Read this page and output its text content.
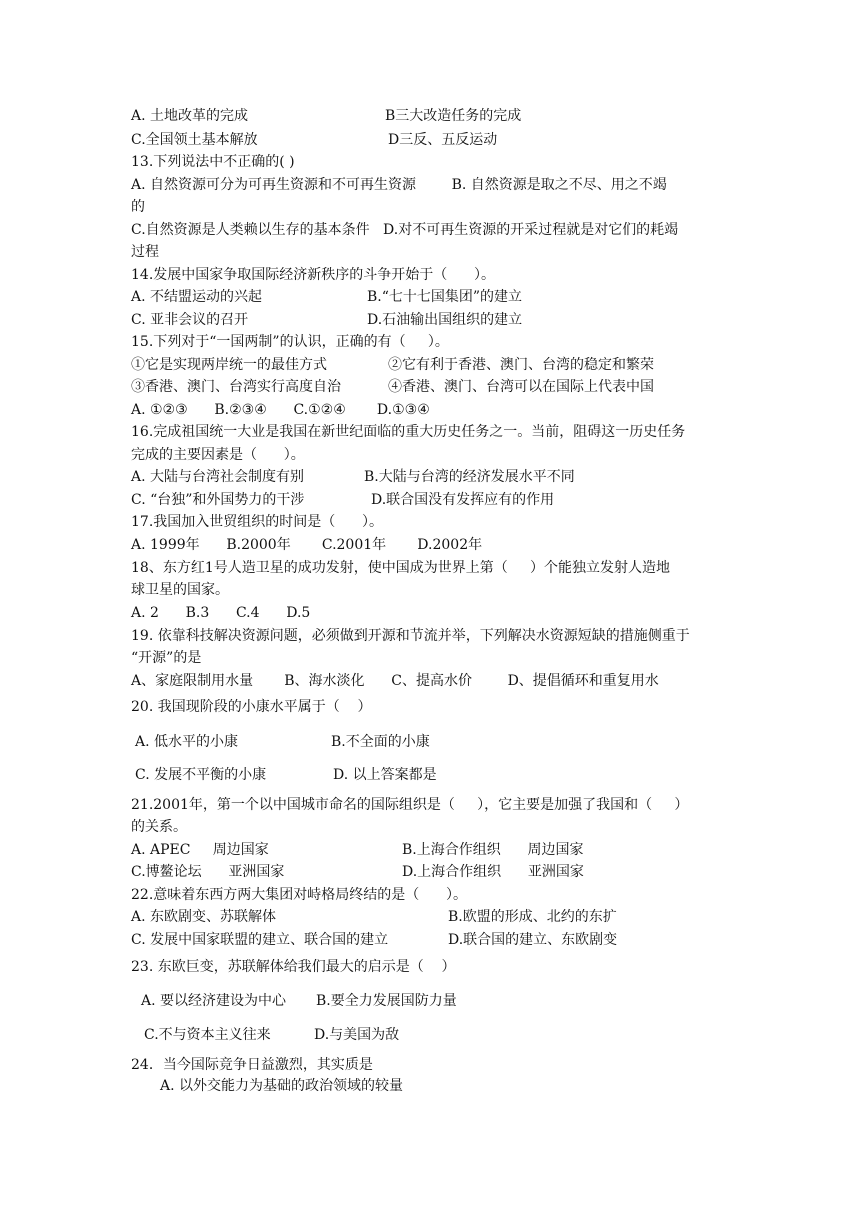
A. 土地改革的完成	B三大改造任务的完成
C.全国领土基本解放	D三反、五反运动
13.下列说法中不正确的( )
A. 自然资源可分为可再生资源和不可再生资源        B. 自然资源是取之不尽、用之不竭
的
C.自然资源是人类赖以生存的基本条件   D.对不可再生资源的开采过程就是对它们的耗竭
过程
14.发展中国家争取国际经济新秩序的斗争开始于（      ）。
A. 不结盟运动的兴起	B.“七十七国集团”的建立
C. 亚非会议的召开	D.石油输出国组织的建立
15.下列对于“一国两制”的认识，正确的有（     ）。
①它是实现两岸统一的最佳方式	②它有利于香港、澳门、台湾的稳定和繁荣
③香港、澳门、台湾实行高度自治	④香港、澳门、台湾可以在国际上代表中国
A. ①②③      B.②③④      C.①②④       D.①③④
16.完成祖国统一大业是我国在新世纪面临的重大历史任务之一。当前，阻碍这一历史任务
完成的主要因素是（      ）。
A. 大陆与台湾社会制度有别	B.大陆与台湾的经济发展水平不同
C. “台独”和外国势力的干涉	D.联合国没有发挥应有的作用
17.我国加入世贸组织的时间是（      ）。
A. 1999年      B.2000年       C.2001年       D.2002年
18、东方红1号人造卫星的成功发射，使中国成为世界上第（     ）个能独立发射人造地
球卫星的国家。
A. 2      B.3      C.4      D.5
19. 依靠科技解决资源问题，必须做到开源和节流并举，下列解决水资源短缺的措施侧重于
“开源”的是
A、家庭限制用水量       B、海水淡化      C、提高水价        D、提倡循环和重复用水
20. 我国现阶段的小康水平属于（    ）
A. 低水平的小康	B.不全面的小康
C. 发展不平衡的小康	D. 以上答案都是
21.2001年，第一个以中国城市命名的国际组织是（     ），它主要是加强了我国和（     ）
的关系。
A. APEC     周边国家	B.上海合作组织      周边国家
C.博鳌论坛      亚洲国家	D.上海合作组织      亚洲国家
22.意味着东西方两大集团对峙格局终结的是（      ）。
A. 东欧剧变、苏联解体	B.欧盟的形成、北约的东扩
C. 发展中国家联盟的建立、联合国的建立	D.联合国的建立、东欧剧变
23. 东欧巨变，苏联解体给我们最大的启示是（    ）
A. 要以经济建设为中心 B.要全力发展国防力量
C.不与资本主义往来	D.与美国为敌
24．当今国际竞争日益激烈，其实质是
A. 以外交能力为基础的政治领域的较量
